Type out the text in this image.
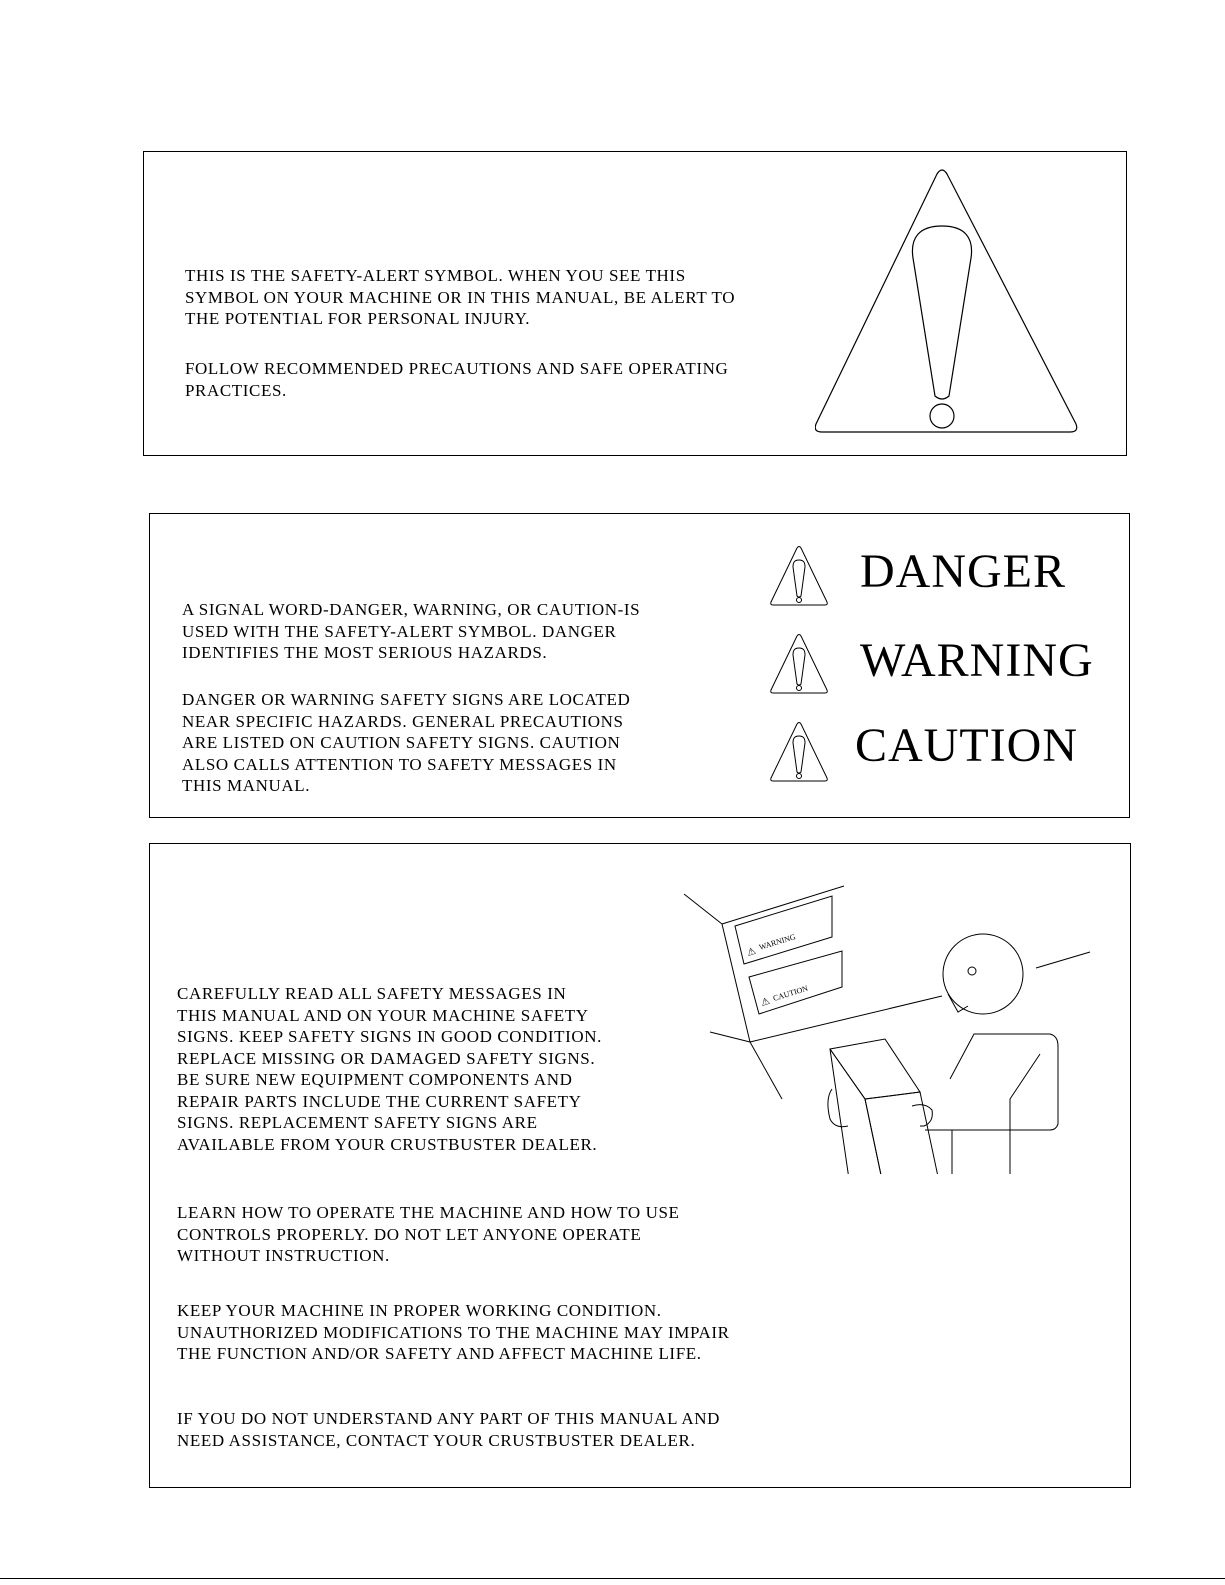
THIS IS THE SAFETY-ALERT SYMBOL. WHEN YOU SEE THIS
SYMBOL ON YOUR MACHINE OR IN THIS MANUAL, BE ALERT TO
THE POTENTIAL FOR PERSONAL INJURY.

FOLLOW RECOMMENDED PRECAUTIONS AND SAFE OPERATING
PRACTICES.

A SIGNAL WORD-DANGER, WARNING, OR CAUTION-IS
USED WITH THE SAFETY-ALERT SYMBOL. DANGER
IDENTIFIES THE MOST SERIOUS HAZARDS.

DANGER OR WARNING SAFETY SIGNS ARE LOCATED
NEAR SPECIFIC HAZARDS. GENERAL PRECAUTIONS
ARE LISTED ON CAUTION SAFETY SIGNS. CAUTION
ALSO CALLS ATTENTION TO SAFETY MESSAGES IN
THIS MANUAL.

DANGER
WARNING
CAUTION

CAREFULLY READ ALL SAFETY MESSAGES IN
THIS MANUAL AND ON YOUR MACHINE SAFETY
SIGNS. KEEP SAFETY SIGNS IN GOOD CONDITION.
REPLACE MISSING OR DAMAGED SAFETY SIGNS.
BE SURE NEW EQUIPMENT COMPONENTS AND
REPAIR PARTS INCLUDE THE CURRENT SAFETY
SIGNS. REPLACEMENT SAFETY SIGNS ARE
AVAILABLE FROM YOUR CRUSTBUSTER DEALER.

LEARN HOW TO OPERATE THE MACHINE AND HOW TO USE
CONTROLS PROPERLY. DO NOT LET ANYONE OPERATE
WITHOUT INSTRUCTION.

KEEP YOUR MACHINE IN PROPER WORKING CONDITION.
UNAUTHORIZED MODIFICATIONS TO THE MACHINE MAY IMPAIR
THE FUNCTION AND/OR SAFETY AND AFFECT MACHINE LIFE.

IF YOU DO NOT UNDERSTAND ANY PART OF THIS MANUAL AND
NEED ASSISTANCE, CONTACT YOUR CRUSTBUSTER DEALER.

⚠
⚠
WARNING
CAUTION
